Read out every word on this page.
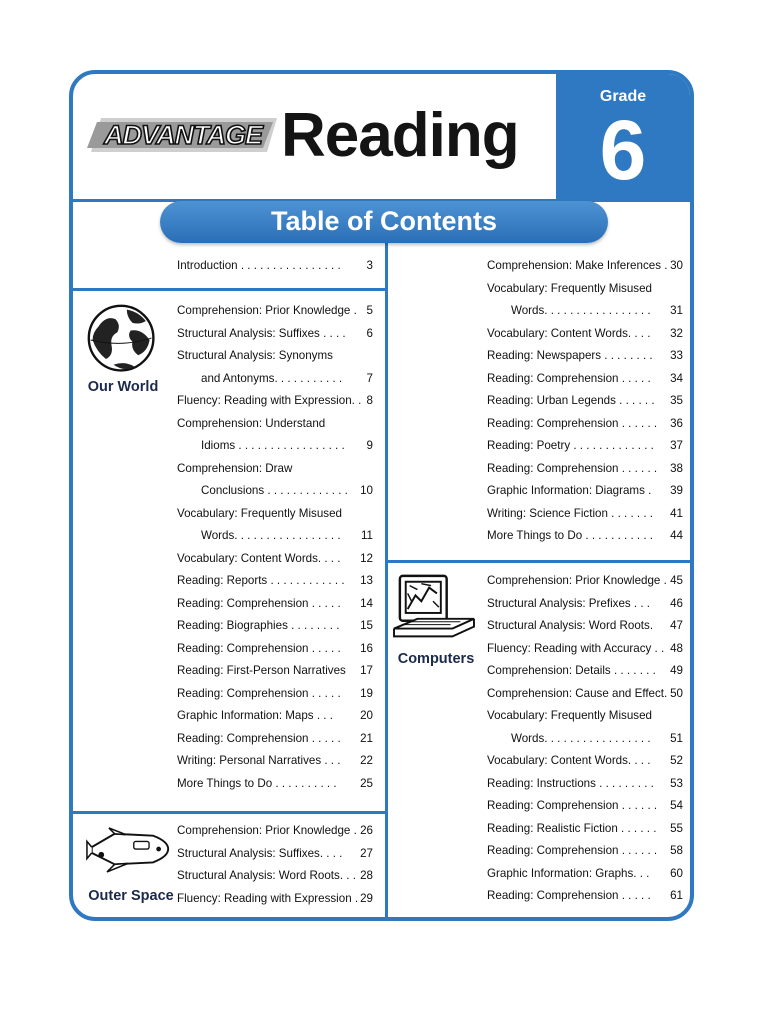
ADVANTAGE Reading
Grade
6
Table of Contents
Our World
Outer Space
Computers
Introduction . . . . . . . . . . . . . . . . 3
Comprehension: Prior Knowledge . 5
Structural Analysis: Suffixes . . . . 6
Structural Analysis: Synonyms
and Antonyms. . . . . . . . . . . 7
Fluency: Reading with Expression. . 8
Comprehension: Understand
Idioms . . . . . . . . . . . . . . . . . 9
Comprehension: Draw
Conclusions . . . . . . . . . . . . . 10
Vocabulary: Frequently Misused
Words. . . . . . . . . . . . . . . . . 11
Vocabulary: Content Words. . . . 12
Reading: Reports . . . . . . . . . . . . 13
Reading: Comprehension . . . . . 14
Reading: Biographies . . . . . . . . 15
Reading: Comprehension . . . . . 16
Reading: First-Person Narratives 17
Reading: Comprehension . . . . . 19
Graphic Information: Maps . . . 20
Reading: Comprehension . . . . . 21
Writing: Personal Narratives . . . 22
More Things to Do . . . . . . . . . . 25
Comprehension: Prior Knowledge . 26
Structural Analysis: Suffixes. . . . 27
Structural Analysis: Word Roots. . . 28
Fluency: Reading with Expression . 29
Comprehension: Make Inferences . 30
Vocabulary: Frequently Misused
Words. . . . . . . . . . . . . . . . . 31
Vocabulary: Content Words. . . . 32
Reading: Newspapers . . . . . . . . 33
Reading: Comprehension . . . . . 34
Reading: Urban Legends . . . . . . 35
Reading: Comprehension . . . . . . 36
Reading: Poetry . . . . . . . . . . . . . 37
Reading: Comprehension . . . . . . 38
Graphic Information: Diagrams . 39
Writing: Science Fiction . . . . . . . 41
More Things to Do . . . . . . . . . . . 44
Comprehension: Prior Knowledge . 45
Structural Analysis: Prefixes . . . 46
Structural Analysis: Word Roots. 47
Fluency: Reading with Accuracy . . 48
Comprehension: Details . . . . . . . 49
Comprehension: Cause and Effect. 50
Vocabulary: Frequently Misused
Words. . . . . . . . . . . . . . . . . 51
Vocabulary: Content Words. . . . 52
Reading: Instructions . . . . . . . . . 53
Reading: Comprehension . . . . . . 54
Reading: Realistic Fiction . . . . . . 55
Reading: Comprehension . . . . . . 58
Graphic Information: Graphs. . . 60
Reading: Comprehension . . . . . 61
